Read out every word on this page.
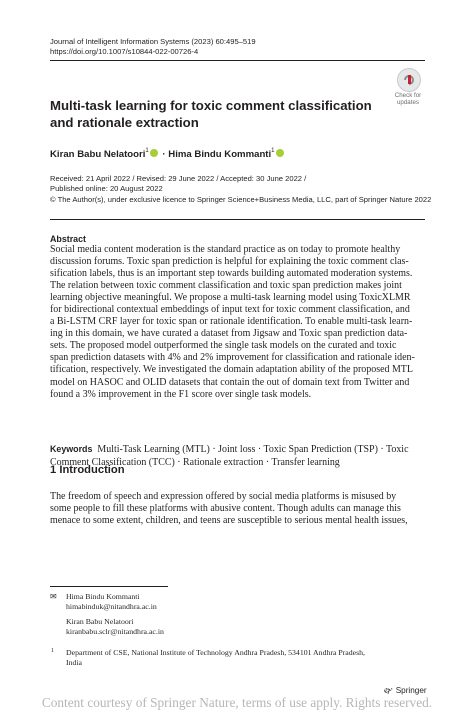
Journal of Intelligent Information Systems (2023) 60:495–519
https://doi.org/10.1007/s10844-022-00726-4
Check for
updates
Multi-task learning for toxic comment classification
and rationale extraction
Kiran Babu Nelatoori$^1$ · Hima Bindu Kommanti$^1$
Received: 21 April 2022 / Revised: 29 June 2022 / Accepted: 30 June 2022 /
Published online: 20 August 2022
© The Author(s), under exclusive licence to Springer Science+Business Media, LLC, part of Springer Nature 2022
Abstract
Social media content moderation is the standard practice as on today to promote healthy
discussion forums. Toxic span prediction is helpful for explaining the toxic comment clas-
sification labels, thus is an important step towards building automated moderation systems.
The relation between toxic comment classification and toxic span prediction makes joint
learning objective meaningful. We propose a multi-task learning model using ToxicXLMR
for bidirectional contextual embeddings of input text for toxic comment classification, and
a Bi-LSTM CRF layer for toxic span or rationale identification. To enable multi-task learn-
ing in this domain, we have curated a dataset from Jigsaw and Toxic span prediction data-
sets. The proposed model outperformed the single task models on the curated and toxic
span prediction datasets with 4% and 2% improvement for classification and rationale iden-
tification, respectively. We investigated the domain adaptation ability of the proposed MTL
model on HASOC and OLID datasets that contain the out of domain text from Twitter and
found a 3% improvement in the F1 score over single task models.
Keywords Multi-Task Learning (MTL) · Joint loss · Toxic Span Prediction (TSP) · Toxic
Comment Classification (TCC) · Rationale extraction · Transfer learning
1 Introduction
The freedom of speech and expression offered by social media platforms is misused by
some people to fill these platforms with abusive content. Though adults can manage this
menace to some extent, children, and teens are susceptible to serious mental health issues,
✉ Hima Bindu Kommanti
himabinduk@nitandhra.ac.in
Kiran Babu Nelatoori
kiranbabu.sclr@nitandhra.ac.in
1 Department of CSE, National Institute of Technology Andhra Pradesh, 534101 Andhra Pradesh,
India
🙰 Springer
Content courtesy of Springer Nature, terms of use apply. Rights reserved.
